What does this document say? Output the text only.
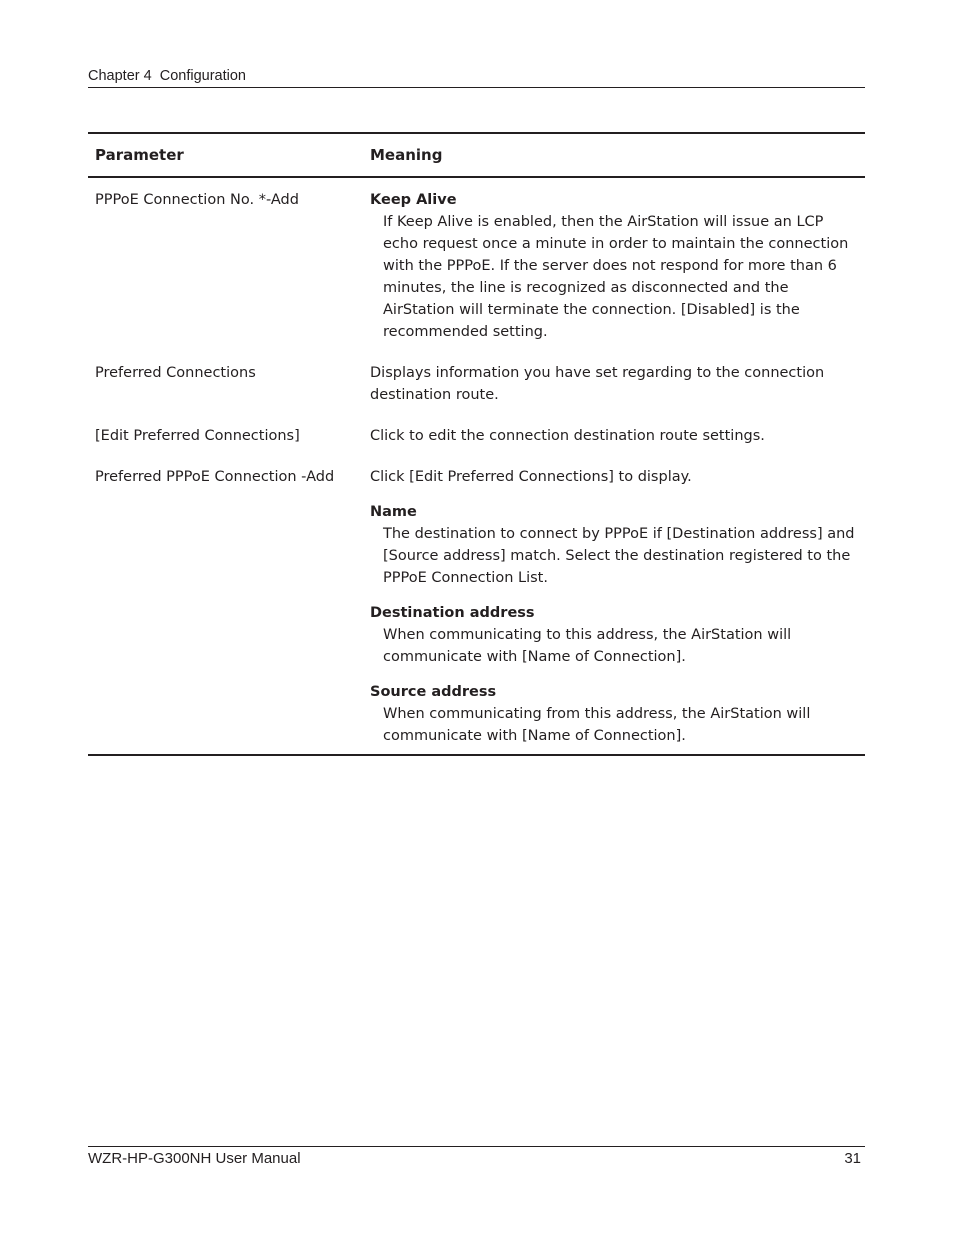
Chapter 4  Configuration
Parameter	Meaning
PPPoE Connection No. *-Add	Keep Alive
If Keep Alive is enabled, then the AirStation will issue an LCP echo request once a minute in order to maintain the connection with the PPPoE. If the server does not respond for more than 6 minutes, the line is recognized as disconnected and the AirStation will terminate the connection. [Disabled] is the recommended setting.
Preferred Connections	Displays information you have set regarding to the connection destination route.
[Edit Preferred Connections]	Click to edit the connection destination route settings.
Preferred PPPoE Connection -Add	Click [Edit Preferred Connections] to display.
Name
The destination to connect by PPPoE if [Destination address] and [Source address] match. Select the destination registered to the PPPoE Connection List.
Destination address
When communicating to this address, the AirStation will communicate with [Name of Connection].
Source address
When communicating from this address, the AirStation will communicate with [Name of Connection].
WZR-HP-G300NH User Manual	31
